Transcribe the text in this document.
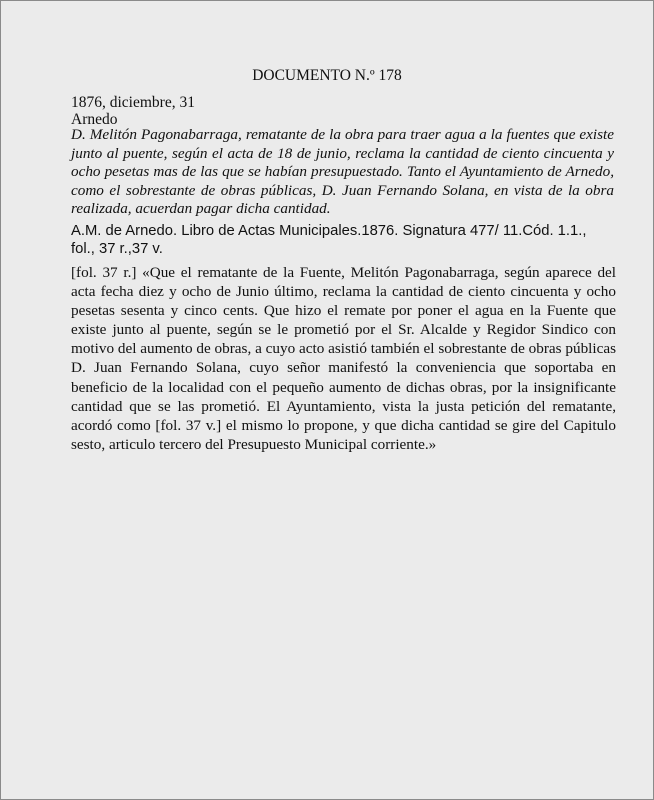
DOCUMENTO N.º 178
1876, diciembre, 31
Arnedo
D. Melitón Pagonabarraga, rematante de la obra para traer agua a la fuentes que existe junto al puente, según el acta de 18 de junio, reclama la cantidad de ciento cincuenta y ocho pesetas mas de las que se habían presupuestado. Tanto el Ayuntamiento de Arnedo, como el sobrestante de obras públicas, D. Juan Fernando Solana, en vista de la obra realizada, acuerdan pagar dicha cantidad.
A.M. de Arnedo. Libro de Actas Municipales.1876. Signatura 477/ 11.Cód. 1.1., fol., 37 r.,37 v.
[fol. 37 r.] «Que el rematante de la Fuente, Melitón Pagonabarraga, según aparece del acta fecha diez y ocho de Junio último, reclama la cantidad de ciento cincuenta y ocho pesetas sesenta y cinco cents. Que hizo el remate por poner el agua en la Fuente que existe junto al puente, según se le prometió por el Sr. Alcalde y Regidor Sindico con motivo del aumento de obras, a cuyo acto asistió también el sobrestante de obras públicas D. Juan Fernando Solana, cuyo señor manifestó la conveniencia que soportaba en beneficio de la localidad con el pequeño aumento de dichas obras, por la insignificante cantidad que se las prometió. El Ayuntamiento, vista la justa petición del rematante, acordó como [fol. 37 v.] el mismo lo propone, y que dicha cantidad se gire del Capitulo sesto, articulo tercero del Presupuesto Municipal corriente.»
